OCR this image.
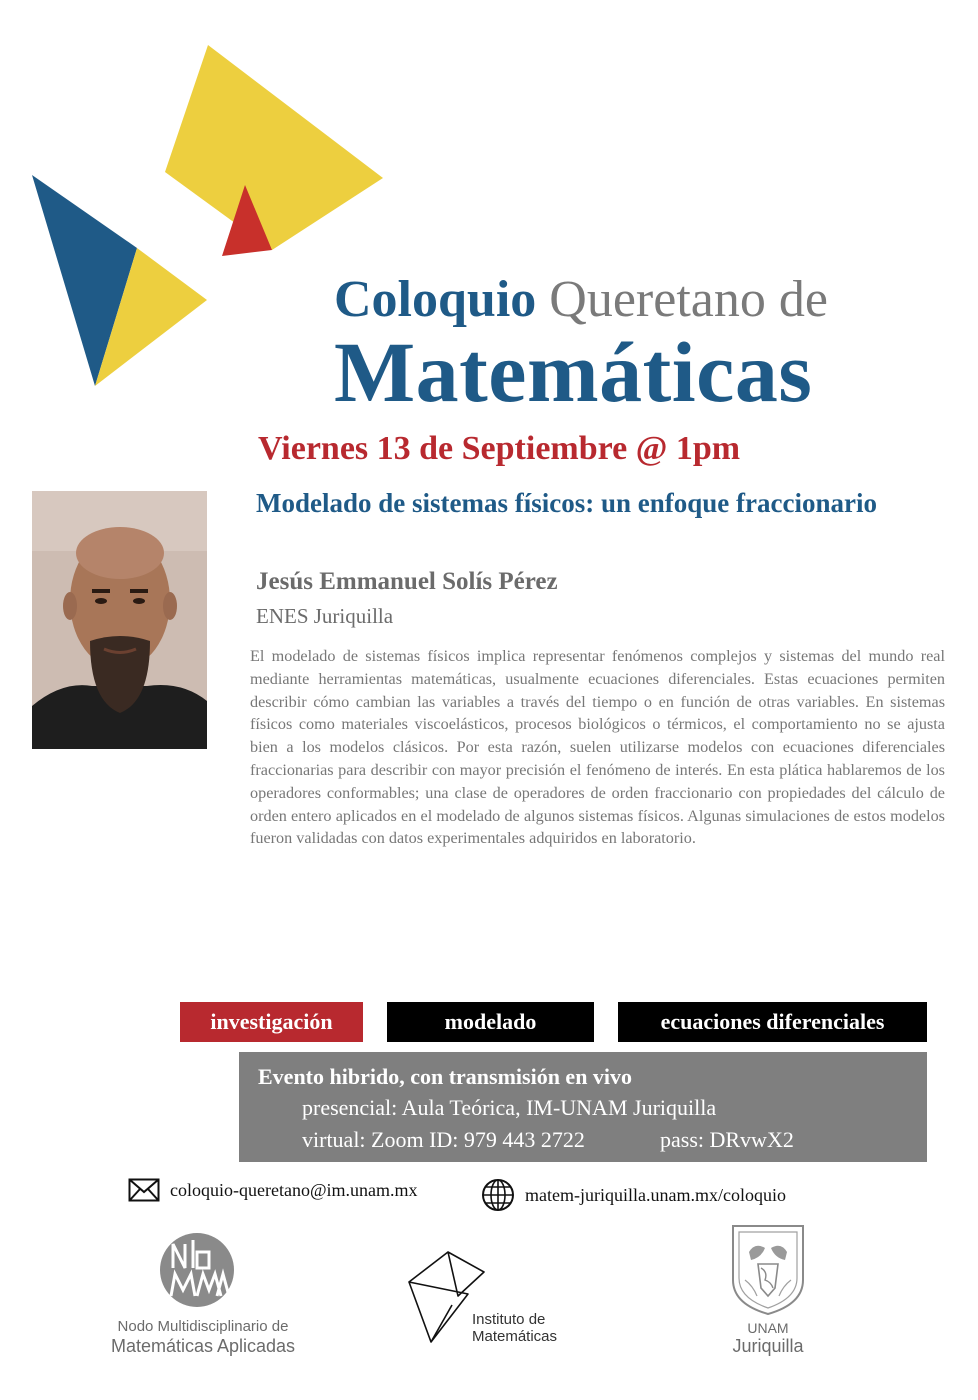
Coloquio Queretano de
Matemáticas
Viernes 13 de Septiembre @ 1pm
Modelado de sistemas físicos: un enfoque fraccionario
Jesús Emmanuel Solís Pérez
ENES Juriquilla
El modelado de sistemas físicos implica representar fenómenos complejos y sistemas del mundo real mediante herramientas matemáticas, usualmente ecuaciones diferenciales. Estas ecuaciones permiten describir cómo cambian las variables a través del tiempo o en función de otras variables. En sistemas físicos como materiales viscoelásticos, procesos biológicos o térmicos, el comportamiento no se ajusta bien a los modelos clásicos. Por esta razón, suelen utilizarse modelos con ecuaciones diferenciales fraccionarias para describir con mayor precisión el fenómeno de interés. En esta plática hablaremos de los operadores conformables; una clase de operadores de orden fraccionario con propiedades del cálculo de orden entero aplicados en el modelado de algunos sistemas físicos. Algunas simulaciones de estos modelos fueron validadas con datos experimentales adquiridos en laboratorio.
investigación	modelado	ecuaciones diferenciales
Evento hibrido, con transmisión en vivo
presencial: Aula Teórica, IM-UNAM Juriquilla
virtual: Zoom ID: 979 443 2722	pass: DRvwX2
coloquio-queretano@im.unam.mx	matem-juriquilla.unam.mx/coloquio
Nodo Multidisciplinario de
Matemáticas Aplicadas
Instituto de
Matemáticas	UNAM
Juriquilla
